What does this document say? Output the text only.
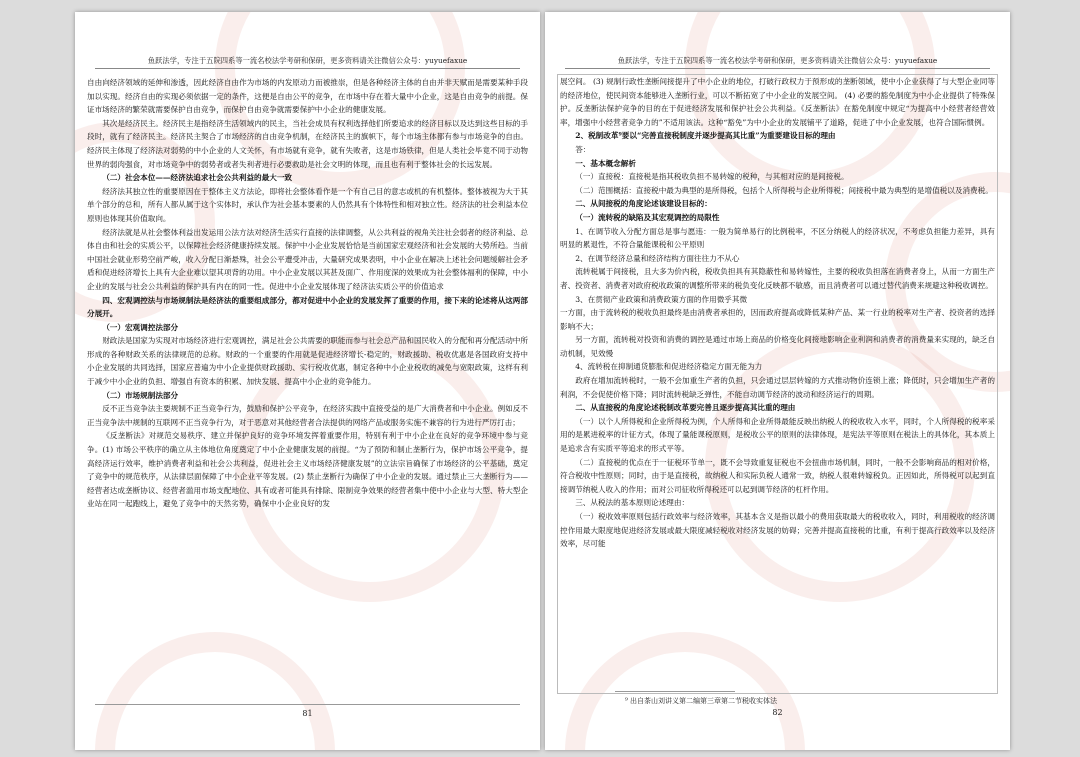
鱼跃法学，专注于五院四系等一流名校法学考研和保研，更多资料请关注微信公众号：yuyuefaxue

自由向经济领域的延伸和渗透，因此经济自由作为市场的内发原动力而被推崇，但是各种经济主体的自由并非天赋而是需要某种手段加以实现。经济自由的实现必须依据一定的条件，这便是自由公平的竞争，在市场中存在着大量中小企业，这是自由竞争的前提。保证市场经济的繁荣就需要保护自由竞争，而保护自由竞争就需要保护中小企业的健康发展。

其次是经济民主。经济民主是指经济生活领域内的民主，当社会成员有权利选择他们所要追求的经济目标以及达到这些目标的手段时，就有了经济民主。经济民主契合了市场经济的自由竞争机制，在经济民主的旗帜下，每个市场主体都有参与市场竞争的自由。经济民主体现了经济法对弱势的中小企业的人文关怀，有市场就有竞争，就有失败者，这是市场铁律，但是人类社会毕竟不同于动物世界的弱肉强食，对市场竞争中的弱势者或者失利者进行必要救助是社会文明的体现，而且也有利于整体社会的长远发展。

（二）社会本位——经济法追求社会公共利益的最大一致

经济法其独立性的重要原因在于整体主义方法论，即将社会整体看作是一个有自己目的意志或机的有机整体。整体被视为大于其单个部分的总和，所有人都从属于这个实体时，承认作为社会基本要素的人仍然具有个体特性和相对独立性。经济法的社会利益本位原则也体现其价值取向。

经济法就是从社会整体利益出发运用公法方法对经济生活实行直接的法律调整，从公共利益的视角关注社会弱者的经济利益、总体自由和社会的实质公平，以保障社会经济健康持续发展。保护中小企业发展恰恰是当前国家宏观经济和社会发展的大势所趋。当前中国社会就业形势空前严峻，收入分配日渐悬殊，社会公平遭受冲击，大量研究成果表明，中小企业在解决上述社会问题缓解社会矛盾和促进经济增长上具有大企业难以望其项背的功用。中小企业发展以其甚及面广、作用度深的效果成为社会整体福利的保障，中小企业的发展与社会公共利益的保护具有内在的同一性。促进中小企业发展体现了经济法实质公平的价值追求

四、宏观调控法与市场规制法是经济法的重要组成部分，都对促进中小企业的发展发挥了重要的作用，接下来的论述将从这两部分展开。

（一）宏观调控法部分

财政法是国家为实现对市场经济进行宏观调控，满足社会公共需要的职能而参与社会总产品和国民收入的分配和再分配活动中所形成的各种财政关系的法律规范的总称。财政的一个重要的作用就是促进经济增长-稳定的，财政援助、税收优惠是各国政府支持中小企业发展的共同选择，国家应普遍为中小企业提供财政援助、实行税收优惠，制定各种中小企业税收的减免与宽限政策，这样有利于减少中小企业的负担、增强自有资本的积累、加快发展、提高中小企业的竞争能力。

（二）市场规制法部分

反不正当竞争法主要规制不正当竞争行为，鼓励和保护公平竞争，在经济实践中直接受益的是广大消费者和中小企业。例如反不正当竞争法中规制的互联网不正当竞争行为，对于恶意对其他经营者合法提供的网络产品或服务实施不兼容的行为进行严厉打击；

《反垄断法》对规范交易秩序、建立并保护良好的竞争环境发挥着重要作用，特别有利于中小企业在良好的竞争环境中参与竞争。(1) 市场公平秩序的确立从主体地位角度奠定了中小企业健康发展的前提。“为了预防和制止垄断行为，保护市场公平竞争，提高经济运行效率，维护消费者利益和社会公共利益，促进社会主义市场经济健康发展”的立法宗旨确保了市场经济的公平基础，奠定了竞争中的规范秩序，从法律层面保障了中小企业平等发展。(2) 禁止垄断行为确保了中小企业的发展。通过禁止三大垄断行为——经营者达成垄断协议、经营者滥用市场支配地位、具有或者可能具有排除、限制竞争效果的经营者集中使中小企业与大型、特大型企业站在同一起跑线上，避免了竞争中的天然劣势，确保中小企业良好的发

81
鱼跃法学，专注于五院四系等一流名校法学考研和保研，更多资料请关注微信公众号：yuyuefaxue

展空间。 (3) 规制行政性垄断间接提升了中小企业的地位，打破行政权力于预形成的垄断领域，使中小企业获得了与大型企业同等的经济地位，使民间资本能够进入垄断行业，可以不断拓宽了中小企业的发展空间。 (4) 必要的豁免制度为中小企业提供了特殊保护。反垄断法保护竞争的目的在于促进经济发展和保护社会公共利益。《反垄断法》在豁免制度中规定“为提高中小经营者经营效率，增强中小经营者竞争力的”不适用该法。这种“豁免”为中小企业的发展铺平了道路，促进了中小企业发展，也符合国际惯例。

2、税制改革⁹要以“完善直接税制度并逐步提高其比重”为重要建设目标的理由

答：

一、基本概念解析

（一）直接税：直接税是指其税收负担不易转嫁的税种，与其相对应的是间接税。

（二）范围概括：直接税中最为典型的是所得税，包括个人所得税与企业所得税；间接税中最为典型的是增值税以及消费税。

二、从间接税的角度论述该建设目标的：

（一）流转税的缺陷及其宏观调控的局限性

1、在调节收入分配方面总是事与愿违：一般为简单易行的比例税率，不区分纳税人的经济状况，不考虑负担能力差异，具有明显的累退性，不符合量能课税和公平原则

2、在调节经济总量和经济结构方面往往力不从心

流转税属于间接税，且大多为价内税，税收负担具有其隐蔽性和易转嫁性，主要的税收负担落在消费者身上，从而一方面生产者、投资者、消费者对政府税收政策的调整所带来的税负变化反映都不敏感，而且消费者可以通过替代消费来规避这种税收调控。

3、在贯彻产业政策和消费政策方面的作用微乎其微

一方面，由于流转税的税收负担最终是由消费者承担的，因而政府提高或降低某种产品、某一行业的税率对生产者、投资者的选择影响不大；

另一方面，流转税对投资和消费的调控是通过市场上商品的价格变化间接地影响企业利润和消费者的消费量来实现的，缺乏自动机制，见效慢

4、流转税在抑制通货膨胀和促进经济稳定方面无能为力

政府在增加流转税时，一般不会加重生产者的负担，只会通过层层转嫁的方式推动物价连锁上涨；降低时，只会增加生产者的利润，不会促使价格下降；同时流转税缺乏弹性，不能自动调节经济的波动和经济运行的周期。

二、从直接税的角度论述税制改革要完善且逐步提高其比重的理由

（一）以个人所得税和企业所得税为例，个人所得和企业所得最能反映出纳税人的税收收入水平，同时，个人所得税的税率采用的是累进税率的计征方式，体现了量能课税原则，是税收公平的原则的法律体现，是宪法平等原则在税法上的具体化，其本质上是追求含有实质平等追求的形式平等。

（二）直接税的优点在于一征税环节单一，既不会导致重复征税也不会扭曲市场机制，同时，一般不会影响商品的相对价格，符合税收中性原则；同时，由于是直接税，故纳税人和实际负税人通常一致，纳税人很难转嫁税负。正因如此，所得税可以起到直接调节纳税人收入的作用；而对公司征收所得税还可以起到调节经济的杠杆作用。

三、从税法的基本原则论述理由：

（一）税收效率原则包括行政效率与经济效率，其基本含义是指以最小的费用获取最大的税收收入，同时，利用税收的经济调控作用最大限度地促进经济发展或最大限度减轻税收对经济发展的妨碍；完善并提高直接税的比重，有利于提高行政效率以及经济效率，尽可能

⁹ 出自茶山刘讲义第二编第三章第二节税收实体法
82
